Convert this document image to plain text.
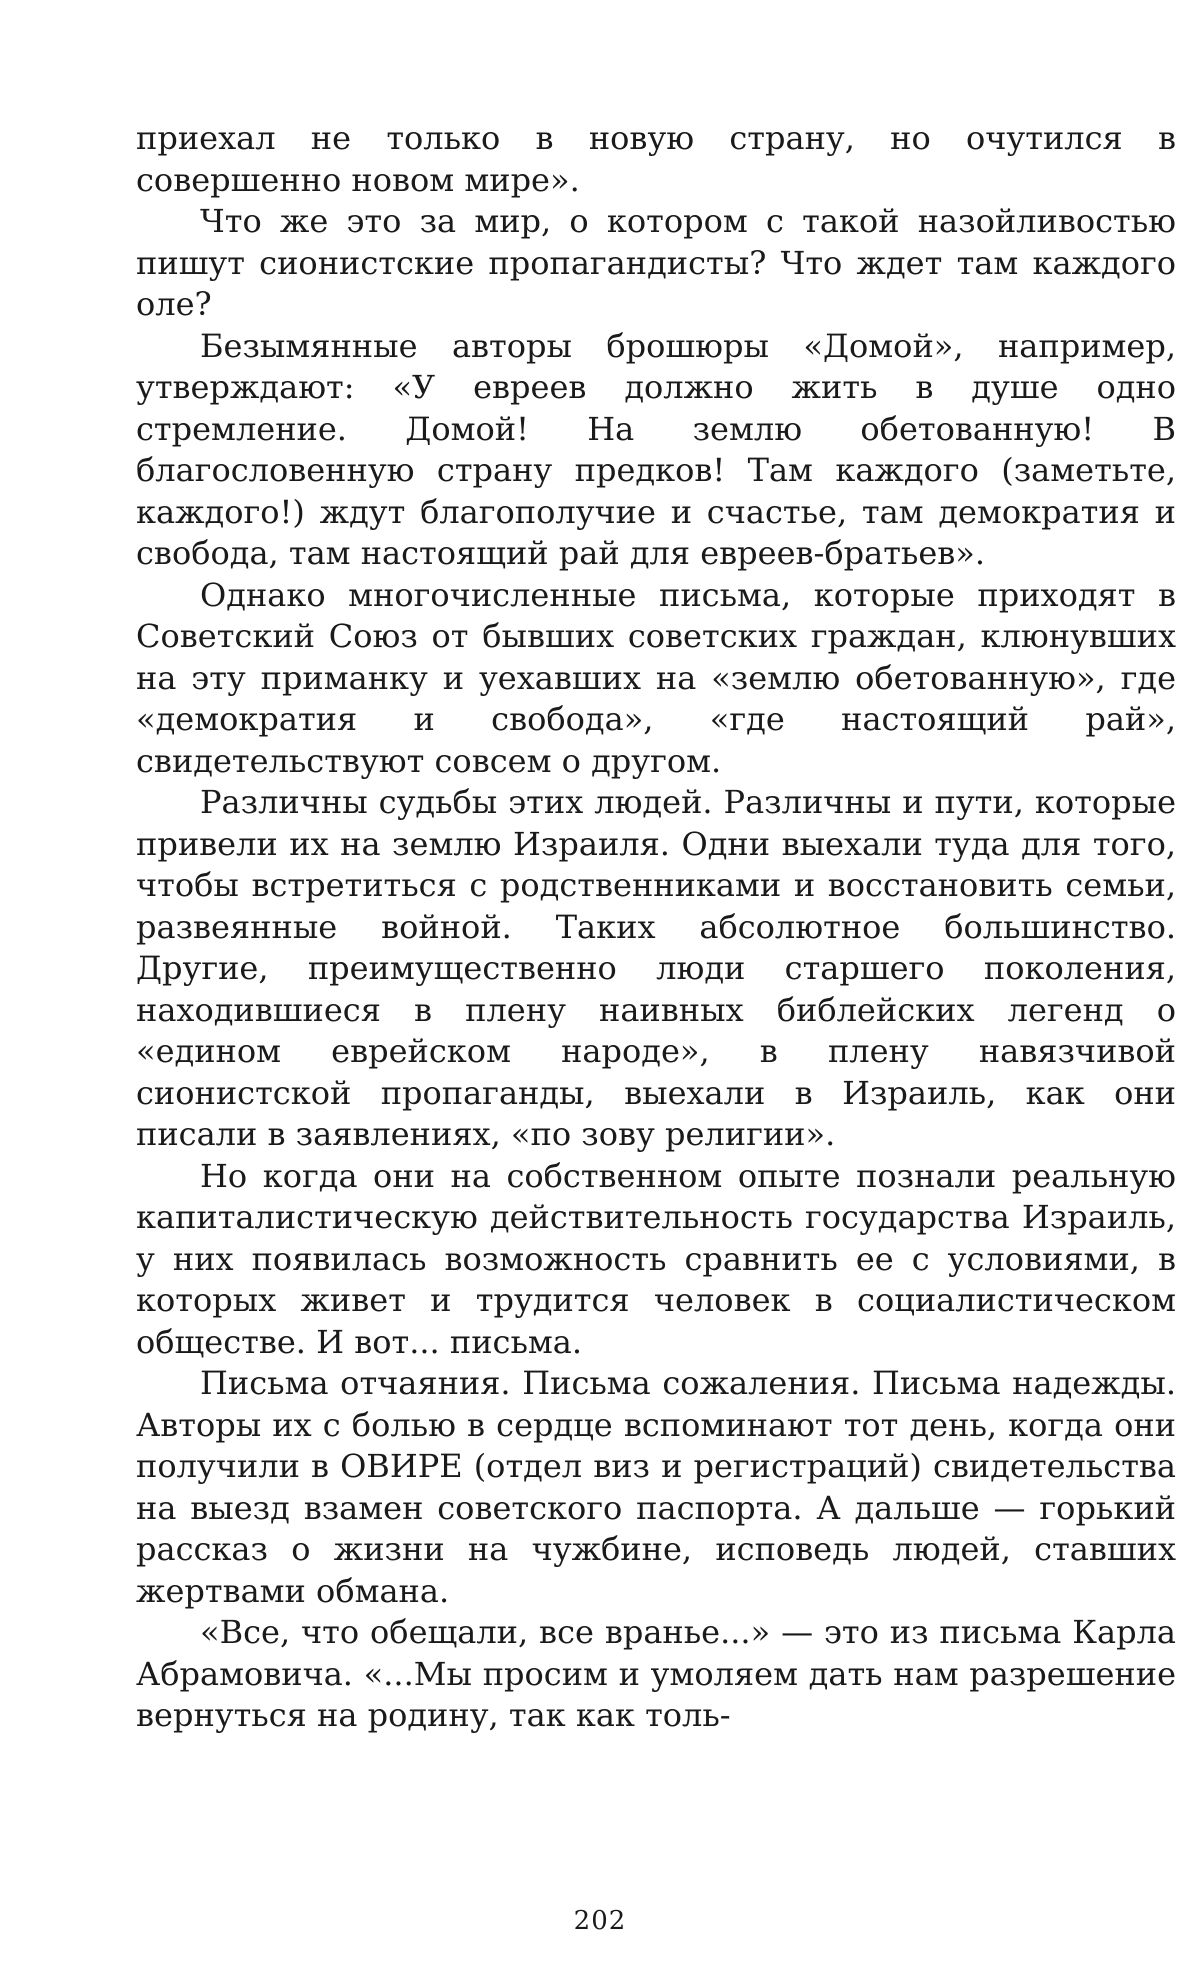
приехал не только в новую страну, но очутился в совершенно новом мире».

Что же это за мир, о котором с такой назойливостью пишут сионистские пропагандисты? Что ждет там каждого оле?

Безымянные авторы брошюры «Домой», например, утверждают: «У евреев должно жить в душе одно стремление. Домой! На землю обетованную! В благословенную страну предков! Там каждого (заметьте, каждого!) ждут благополучие и счастье, там демократия и свобода, там настоящий рай для евреев-братьев».

Однако многочисленные письма, которые приходят в Советский Союз от бывших советских граждан, клюнувших на эту приманку и уехавших на «землю обетованную», где «демократия и свобода», «где настоящий рай», свидетельствуют совсем о другом.

Различны судьбы этих людей. Различны и пути, которые привели их на землю Израиля. Одни выехали туда для того, чтобы встретиться с родственниками и восстановить семьи, развеянные войной. Таких абсолютное большинство. Другие, преимущественно люди старшего поколения, находившиеся в плену наивных библейских легенд о «едином еврейском народе», в плену навязчивой сионистской пропаганды, выехали в Израиль, как они писали в заявлениях, «по зову религии».

Но когда они на собственном опыте познали реальную капиталистическую действительность государства Израиль, у них появилась возможность сравнить ее с условиями, в которых живет и трудится человек в социалистическом обществе. И вот... письма.

Письма отчаяния. Письма сожаления. Письма надежды. Авторы их с болью в сердце вспоминают тот день, когда они получили в ОВИРЕ (отдел виз и регистраций) свидетельства на выезд взамен советского паспорта. А дальше — горький рассказ о жизни на чужбине, исповедь людей, ставших жертвами обмана.

«Все, что обещали, все вранье...» — это из письма Карла Абрамовича. «...Мы просим и умоляем дать нам разрешение вернуться на родину, так как толь-

202
